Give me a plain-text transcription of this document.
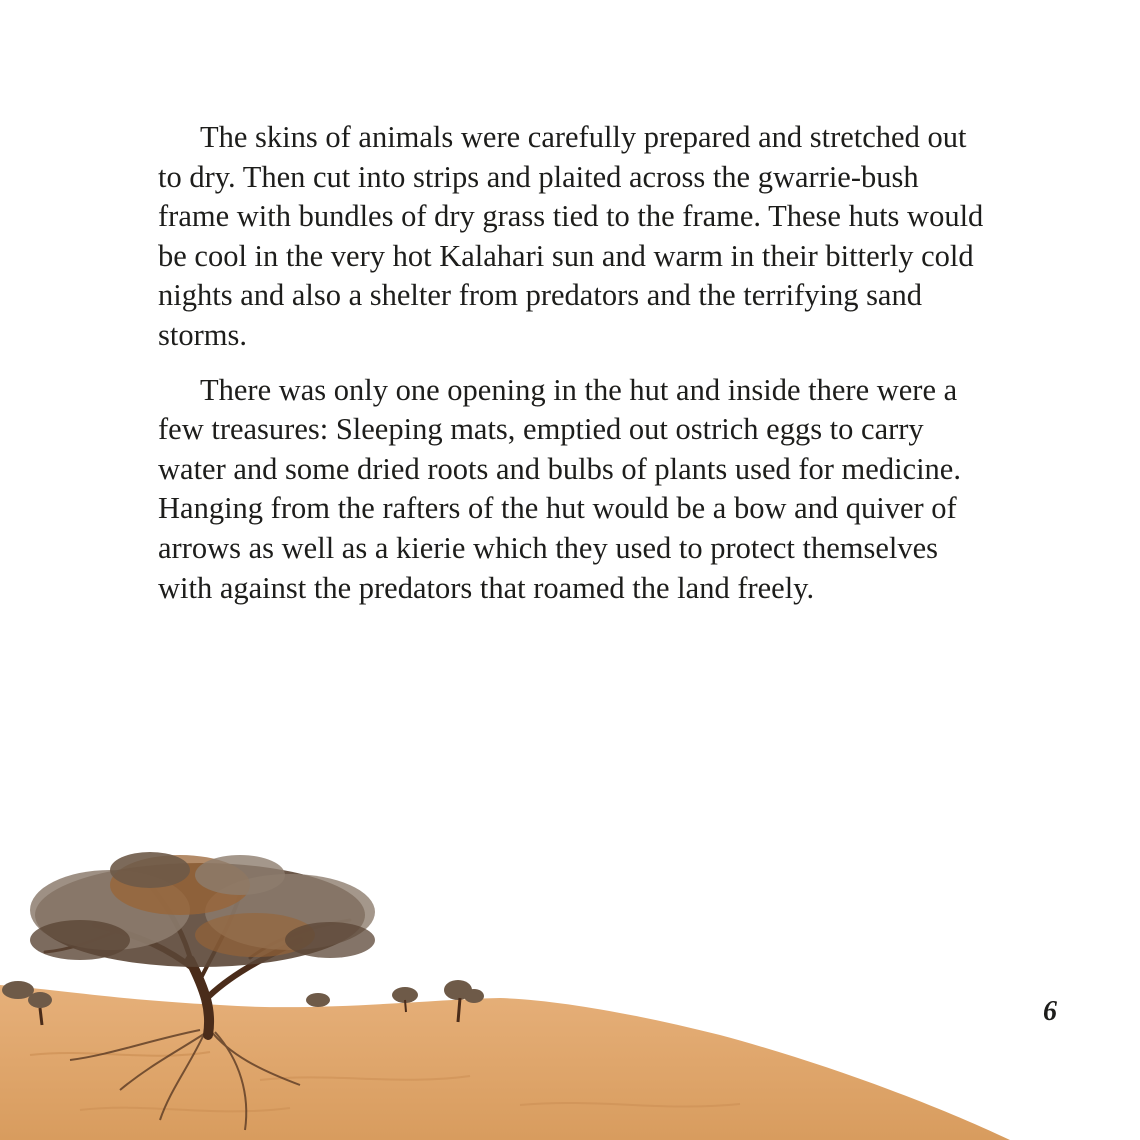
The skins of animals were carefully prepared and stretched out to dry. Then cut into strips and plaited across the gwarrie-bush frame with bundles of dry grass tied to the frame. These huts would be cool in the very hot Kalahari sun and warm in their bitterly cold nights and also a shelter from predators and the terrifying sand storms.

There was only one opening in the hut and inside there were a few treasures: Sleeping mats, emptied out ostrich eggs to carry water and some dried roots and bulbs of plants used for medicine. Hanging from the rafters of the hut would be a bow and quiver of arrows as well as a kierie which they used to protect themselves with against the predators that roamed the land freely.

6
